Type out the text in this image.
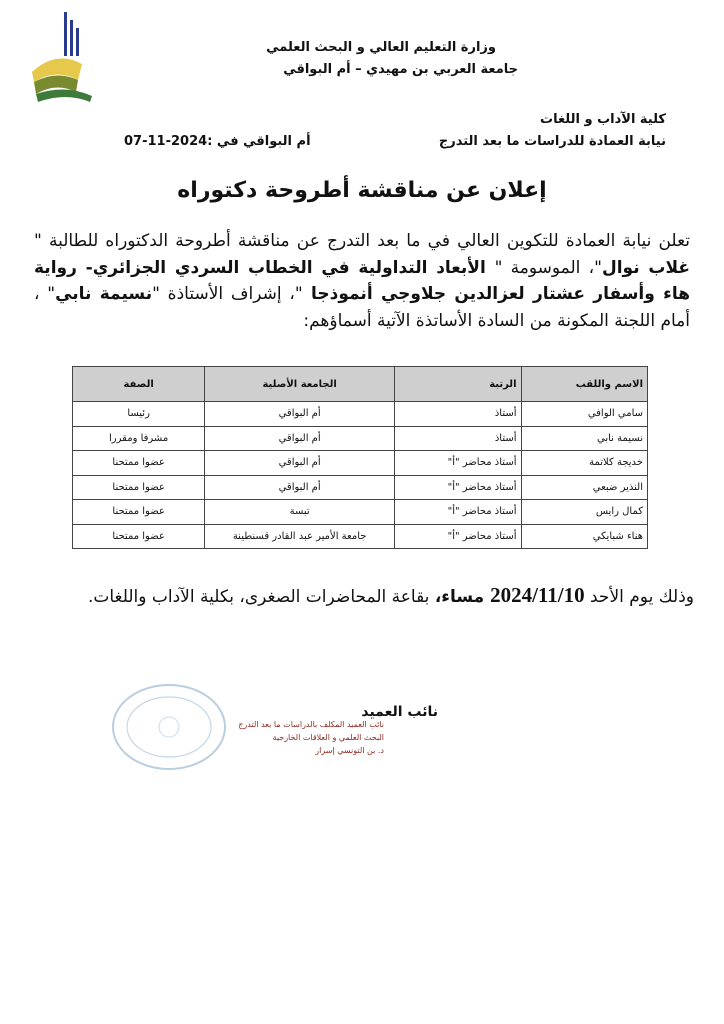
وزارة التعليم العالي و البحث العلمي
جامعة العربي بن مهيدي – أم البواقي
كلية الآداب و اللغات
نيابة العمادة للدراسات ما بعد التدرج
أم البواقي في :2024-11-07
إعلان عن مناقشة أطروحة دكتوراه
تعلن نيابة العمادة للتكوين العالي في ما بعد التدرج عن مناقشة أطروحة الدكتوراه للطالبة " غلاب نوال"، الموسومة " الأبعاد التداولية في الخطاب السردي الجزائري- رواية هاء وأسفار عشتار لعزالدين جلاوجي أنموذجا "، إشراف الأستاذة "نسيمة نابي" ، أمام اللجنة المكونة من السادة الأساتذة الآتية أسماؤهم:
الاسم واللقب	الرتبة	الجامعة الأصلية	الصفة
سامي الوافي	أستاذ	أم البواقي	رئيسا
نسيمة نابي	أستاذ	أم البواقي	مشرفا ومقررا
خديجة كلاتمة	أستاذ محاضر "أ"	أم البواقي	عضوا ممتحنا
النذير ضبعي	أستاذ محاضر "أ"	أم البواقي	عضوا ممتحنا
كمال رايس	أستاذ محاضر "أ"	تبسة	عضوا ممتحنا
هناء شبايكي	أستاذ محاضر "أ"	جامعة الأمير عبد القادر قسنطينة	عضوا ممتحنا
وذلك يوم الأحد 2024/11/10 مساء، بقاعة المحاضرات الصغرى، بكلية الآداب واللغات.
نائب العميد
نائب العميد المكلف بالدراسات ما بعد التدرج
البحث العلمي و العلاقات الخارجية
د. بن التونسي إسرار
